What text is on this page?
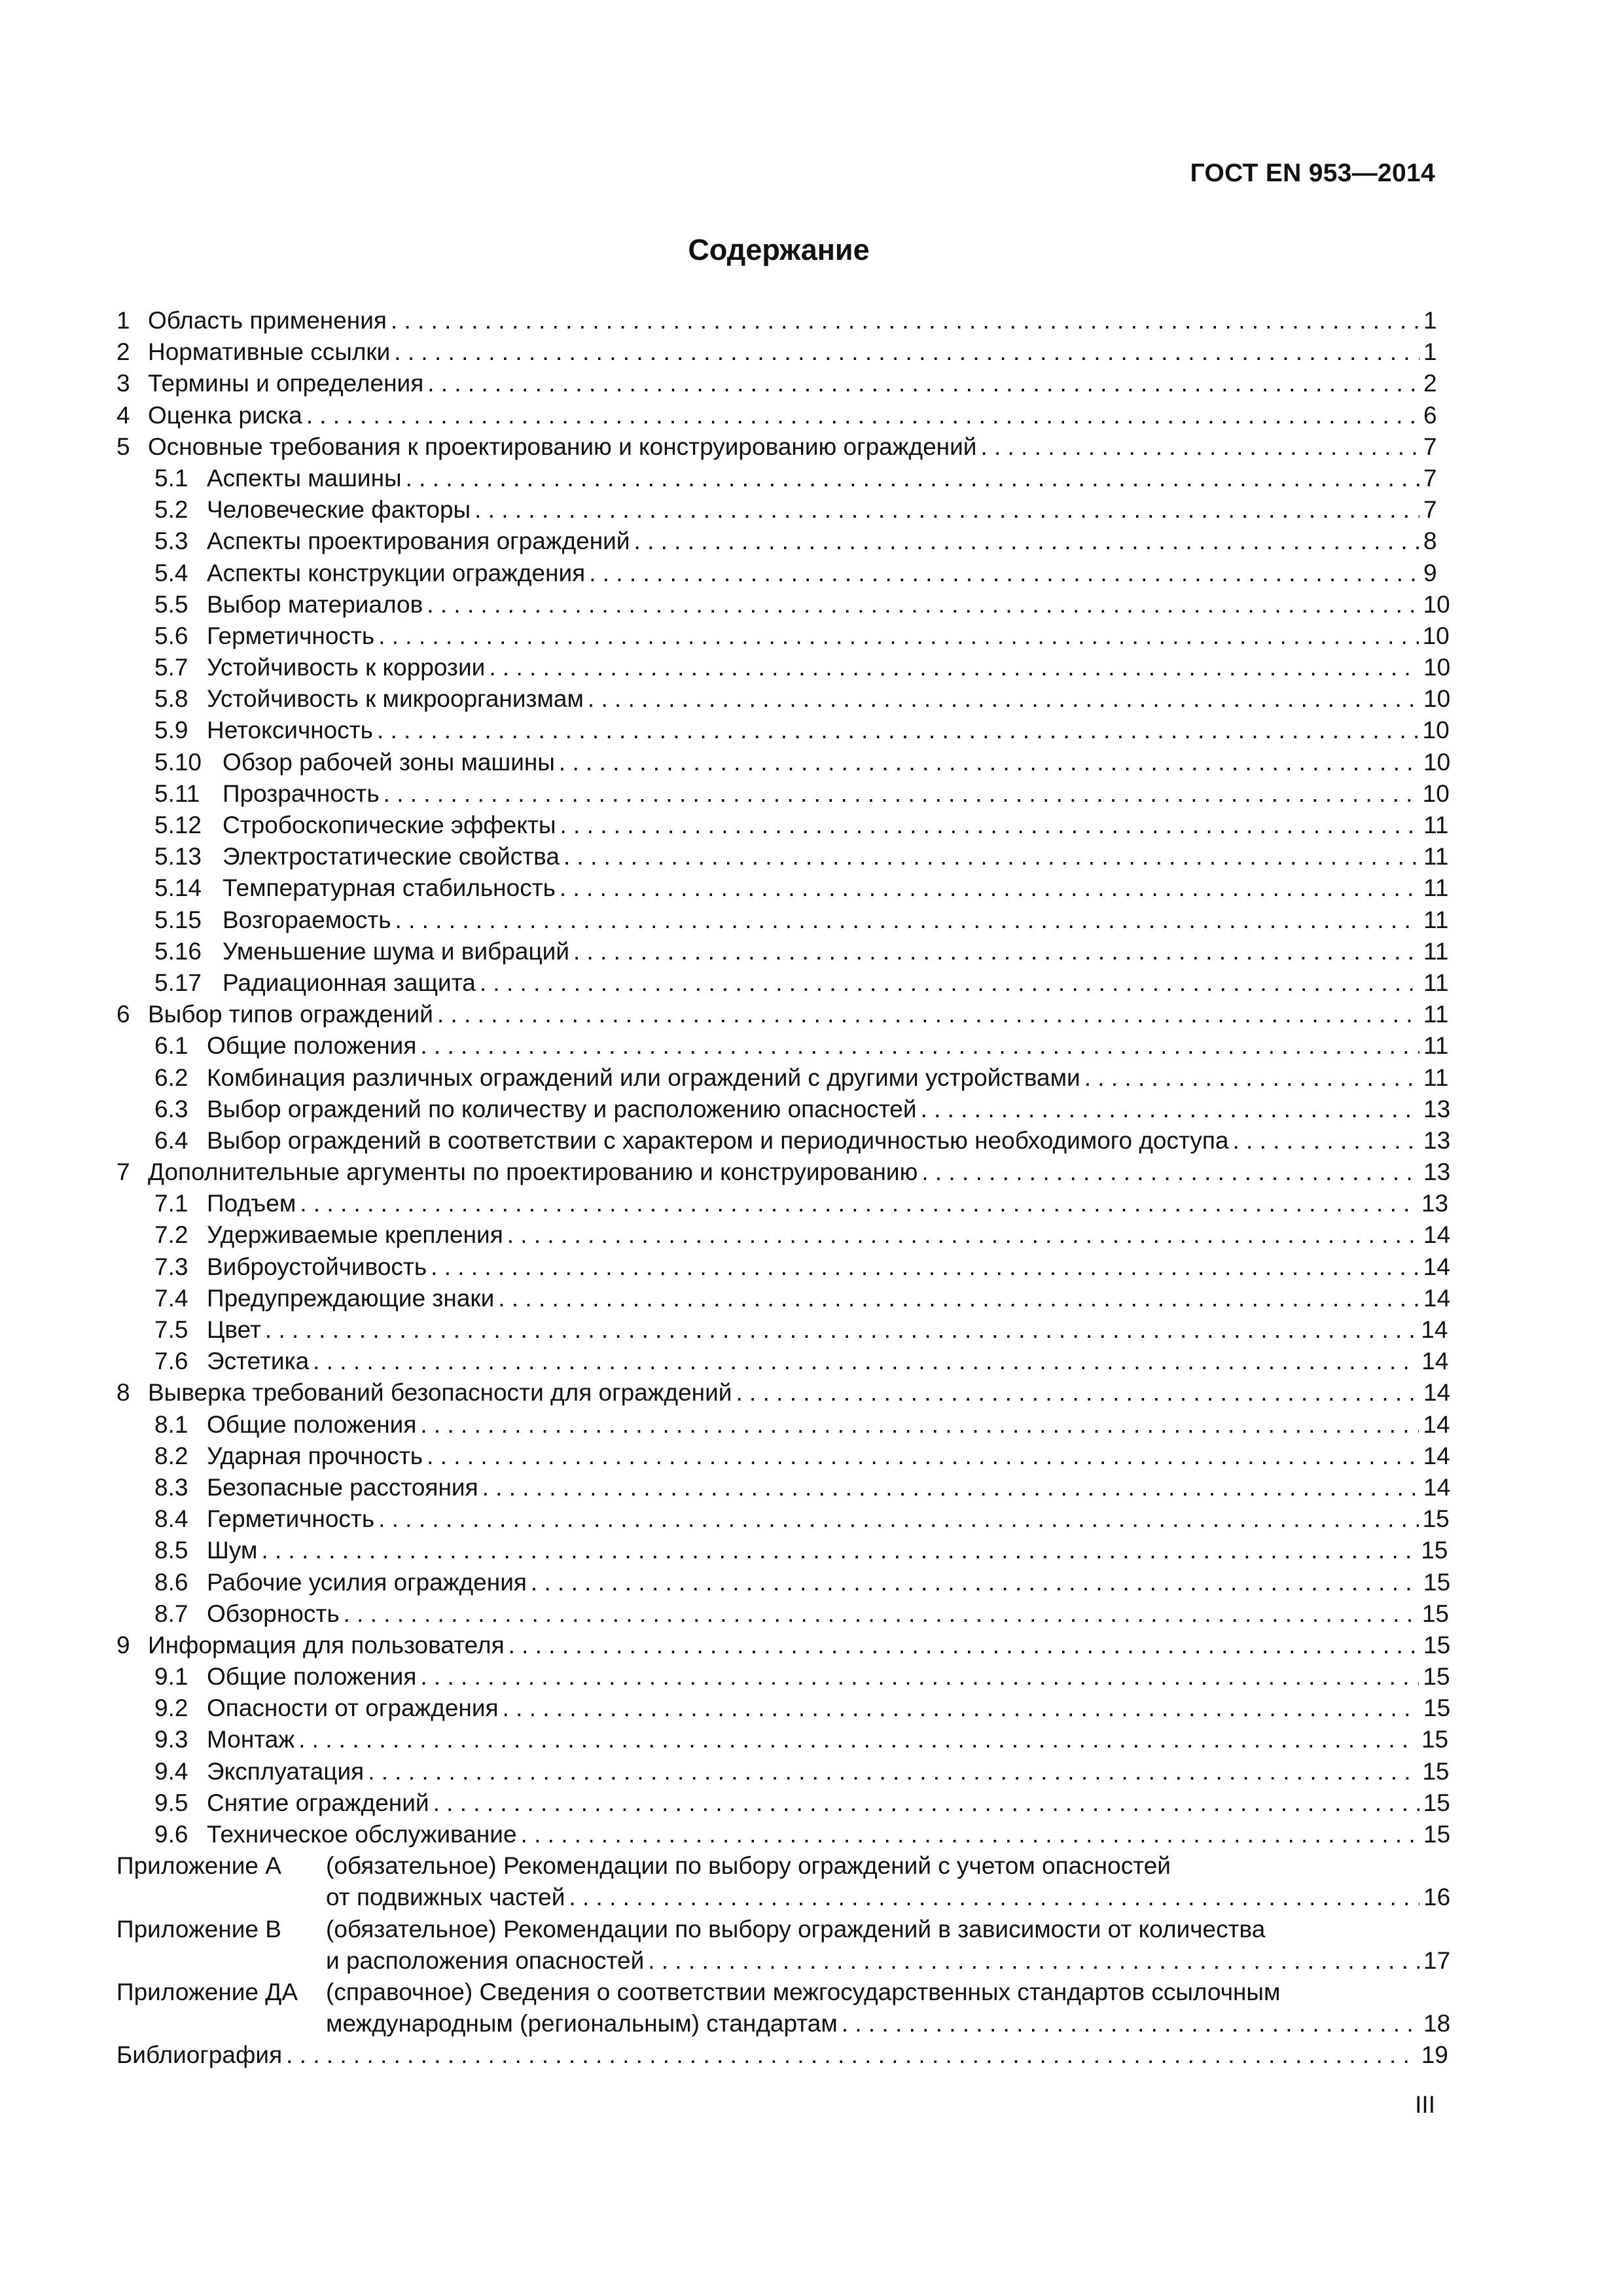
ГОСТ EN 953—2014
Содержание
1 Область применения . . .	1
2 Нормативные ссылки . . .	1
3 Термины и определения . . .	2
4 Оценка риска . . .	6
5 Основные требования к проектированию и конструированию ограждений . . .	7
5.1 Аспекты машины . . .	7
5.2 Человеческие факторы . . .	7
5.3 Аспекты проектирования ограждений . . .	8
5.4 Аспекты конструкции ограждения . . .	9
5.5 Выбор материалов . . .	10
5.6 Герметичность . . .	10
5.7 Устойчивость к коррозии . . .	10
5.8 Устойчивость к микроорганизмам . . .	10
5.9 Нетоксичность . . .	10
5.10 Обзор рабочей зоны машины . . .	10
5.11 Прозрачность . . .	10
5.12 Стробоскопические эффекты . . .	11
5.13 Электростатические свойства . . .	11
5.14 Температурная стабильность . . .	11
5.15 Возгораемость . . .	11
5.16 Уменьшение шума и вибраций . . .	11
5.17 Радиационная защита . . .	11
6 Выбор типов ограждений . . .	11
6.1 Общие положения . . .	11
6.2 Комбинация различных ограждений или ограждений с другими устройствами . . .	11
6.3 Выбор ограждений по количеству и расположению опасностей . . .	13
6.4 Выбор ограждений в соответствии с характером и периодичностью необходимого доступа . . .	13
7 Дополнительные аргументы по проектированию и конструированию . . .	13
7.1 Подъем . . .	13
7.2 Удерживаемые крепления . . .	14
7.3 Виброустойчивость . . .	14
7.4 Предупреждающие знаки . . .	14
7.5 Цвет . . .	14
7.6 Эстетика . . .	14
8 Выверка требований безопасности для ограждений . . .	14
8.1 Общие положения . . .	14
8.2 Ударная прочность . . .	14
8.3 Безопасные расстояния . . .	14
8.4 Герметичность . . .	15
8.5 Шум . . .	15
8.6 Рабочие усилия ограждения . . .	15
8.7 Обзорность . . .	15
9 Информация для пользователя . . .	15
9.1 Общие положения . . .	15
9.2 Опасности от ограждения . . .	15
9.3 Монтаж . . .	15
9.4 Эксплуатация . . .	15
9.5 Снятие ограждений . . .	15
9.6 Техническое обслуживание . . .	15
Приложение А	(обязательное) Рекомендации по выбору ограждений с учетом опасностей
от подвижных частей . . .	16
Приложение В	(обязательное) Рекомендации по выбору ограждений в зависимости от количества
и расположения опасностей . . .	17
Приложение ДА	(справочное) Сведения о соответствии межгосударственных стандартов ссылочным
международным (региональным) стандартам . . .	18
Библиография . . .	19
III
